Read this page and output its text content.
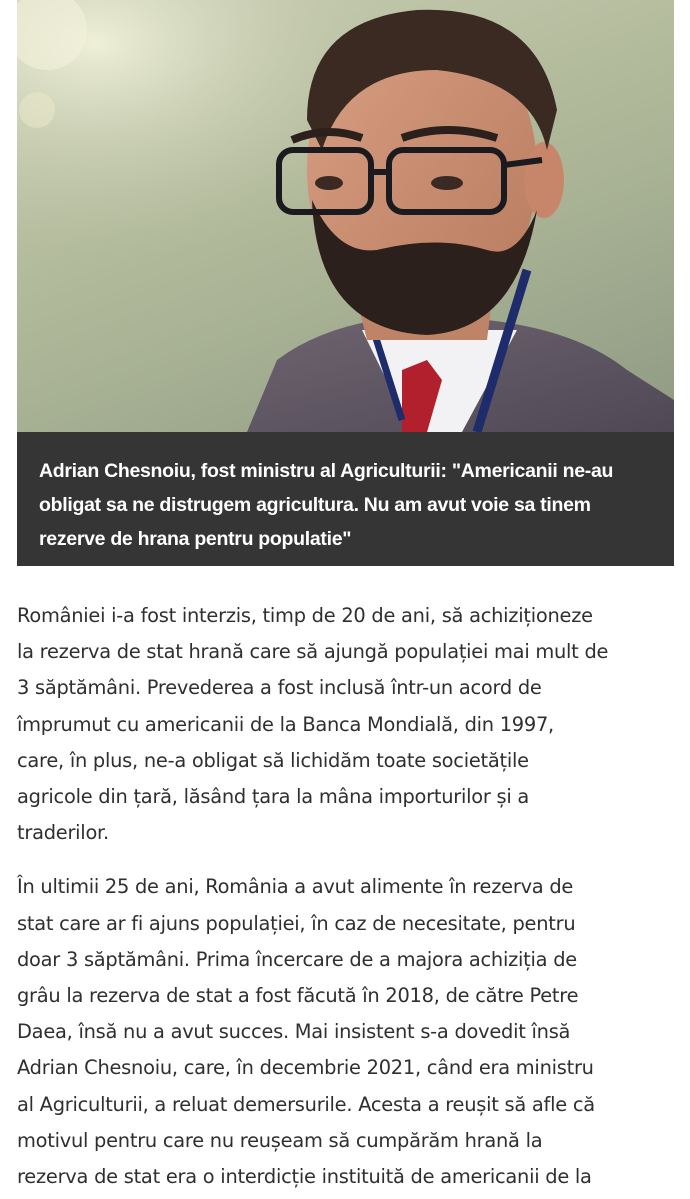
Adrian Chesnoiu, fost ministru al Agriculturii: "Americanii ne-au
obligat sa ne distrugem agricultura. Nu am avut voie sa tinem
rezerve de hrana pentru populatie"

României i-a fost interzis, timp de 20 de ani, să achiziționeze
la rezerva de stat hrană care să ajungă populației mai mult de
3 săptămâni. Prevederea a fost inclusă într-un acord de
împrumut cu americanii de la Banca Mondială, din 1997,
care, în plus, ne-a obligat să lichidăm toate societățile
agricole din țară, lăsând țara la mâna importurilor și a
traderilor.

În ultimii 25 de ani, România a avut alimente în rezerva de
stat care ar fi ajuns populației, în caz de necesitate, pentru
doar 3 săptămâni. Prima încercare de a majora achiziția de
grâu la rezerva de stat a fost făcută în 2018, de către Petre
Daea, însă nu a avut succes. Mai insistent s-a dovedit însă
Adrian Chesnoiu, care, în decembrie 2021, când era ministru
al Agriculturii, a reluat demersurile. Acesta a reușit să afle că
motivul pentru care nu reușeam să cumpărăm hrană la
rezerva de stat era o interdicție instituită de americanii de la
